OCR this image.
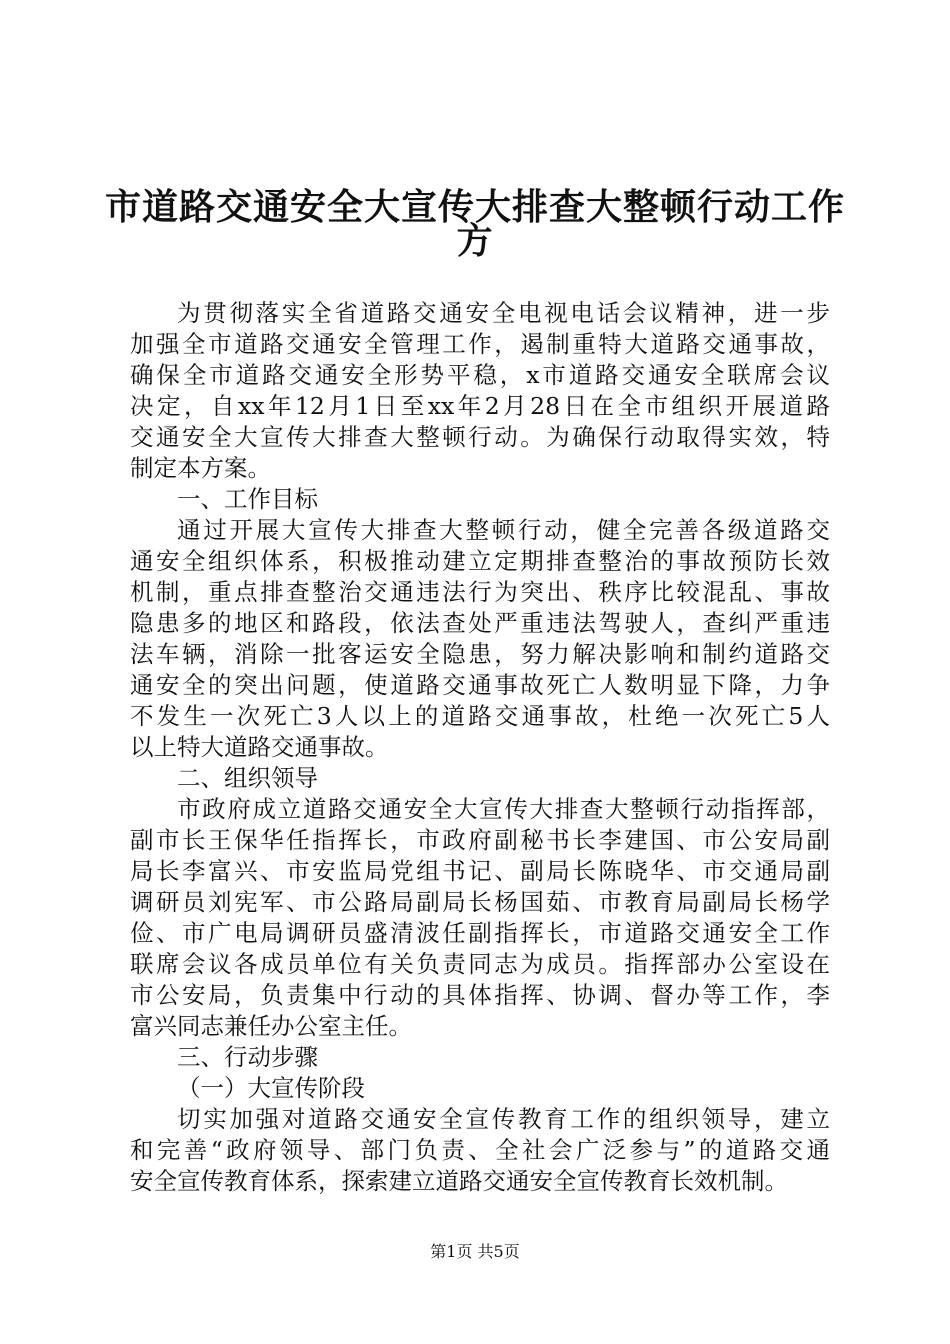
市道路交通安全大宣传大排查大整顿行动工作
方
为贯彻落实全省道路交通安全电视电话会议精神，进一步
加强全市道路交通安全管理工作，遏制重特大道路交通事故，
确保全市道路交通安全形势平稳，x市道路交通安全联席会议
决定，自xx年12月1日至xx年2月28日在全市组织开展道路
交通安全大宣传大排查大整顿行动。为确保行动取得实效，特
制定本方案。
一、工作目标
通过开展大宣传大排查大整顿行动，健全完善各级道路交
通安全组织体系，积极推动建立定期排查整治的事故预防长效
机制，重点排查整治交通违法行为突出、秩序比较混乱、事故
隐患多的地区和路段，依法查处严重违法驾驶人，查纠严重违
法车辆，消除一批客运安全隐患，努力解决影响和制约道路交
通安全的突出问题，使道路交通事故死亡人数明显下降，力争
不发生一次死亡3人以上的道路交通事故，杜绝一次死亡5人
以上特大道路交通事故。
二、组织领导
市政府成立道路交通安全大宣传大排查大整顿行动指挥部，
副市长王保华任指挥长，市政府副秘书长李建国、市公安局副
局长李富兴、市安监局党组书记、副局长陈晓华、市交通局副
调研员刘宪军、市公路局副局长杨国茹、市教育局副局长杨学
俭、市广电局调研员盛清波任副指挥长，市道路交通安全工作
联席会议各成员单位有关负责同志为成员。指挥部办公室设在
市公安局，负责集中行动的具体指挥、协调、督办等工作，李
富兴同志兼任办公室主任。
三、行动步骤
（一）大宣传阶段
切实加强对道路交通安全宣传教育工作的组织领导，建立
和完善“政府领导、部门负责、全社会广泛参与”的道路交通
安全宣传教育体系，探索建立道路交通安全宣传教育长效机制。
第1页 共5页
